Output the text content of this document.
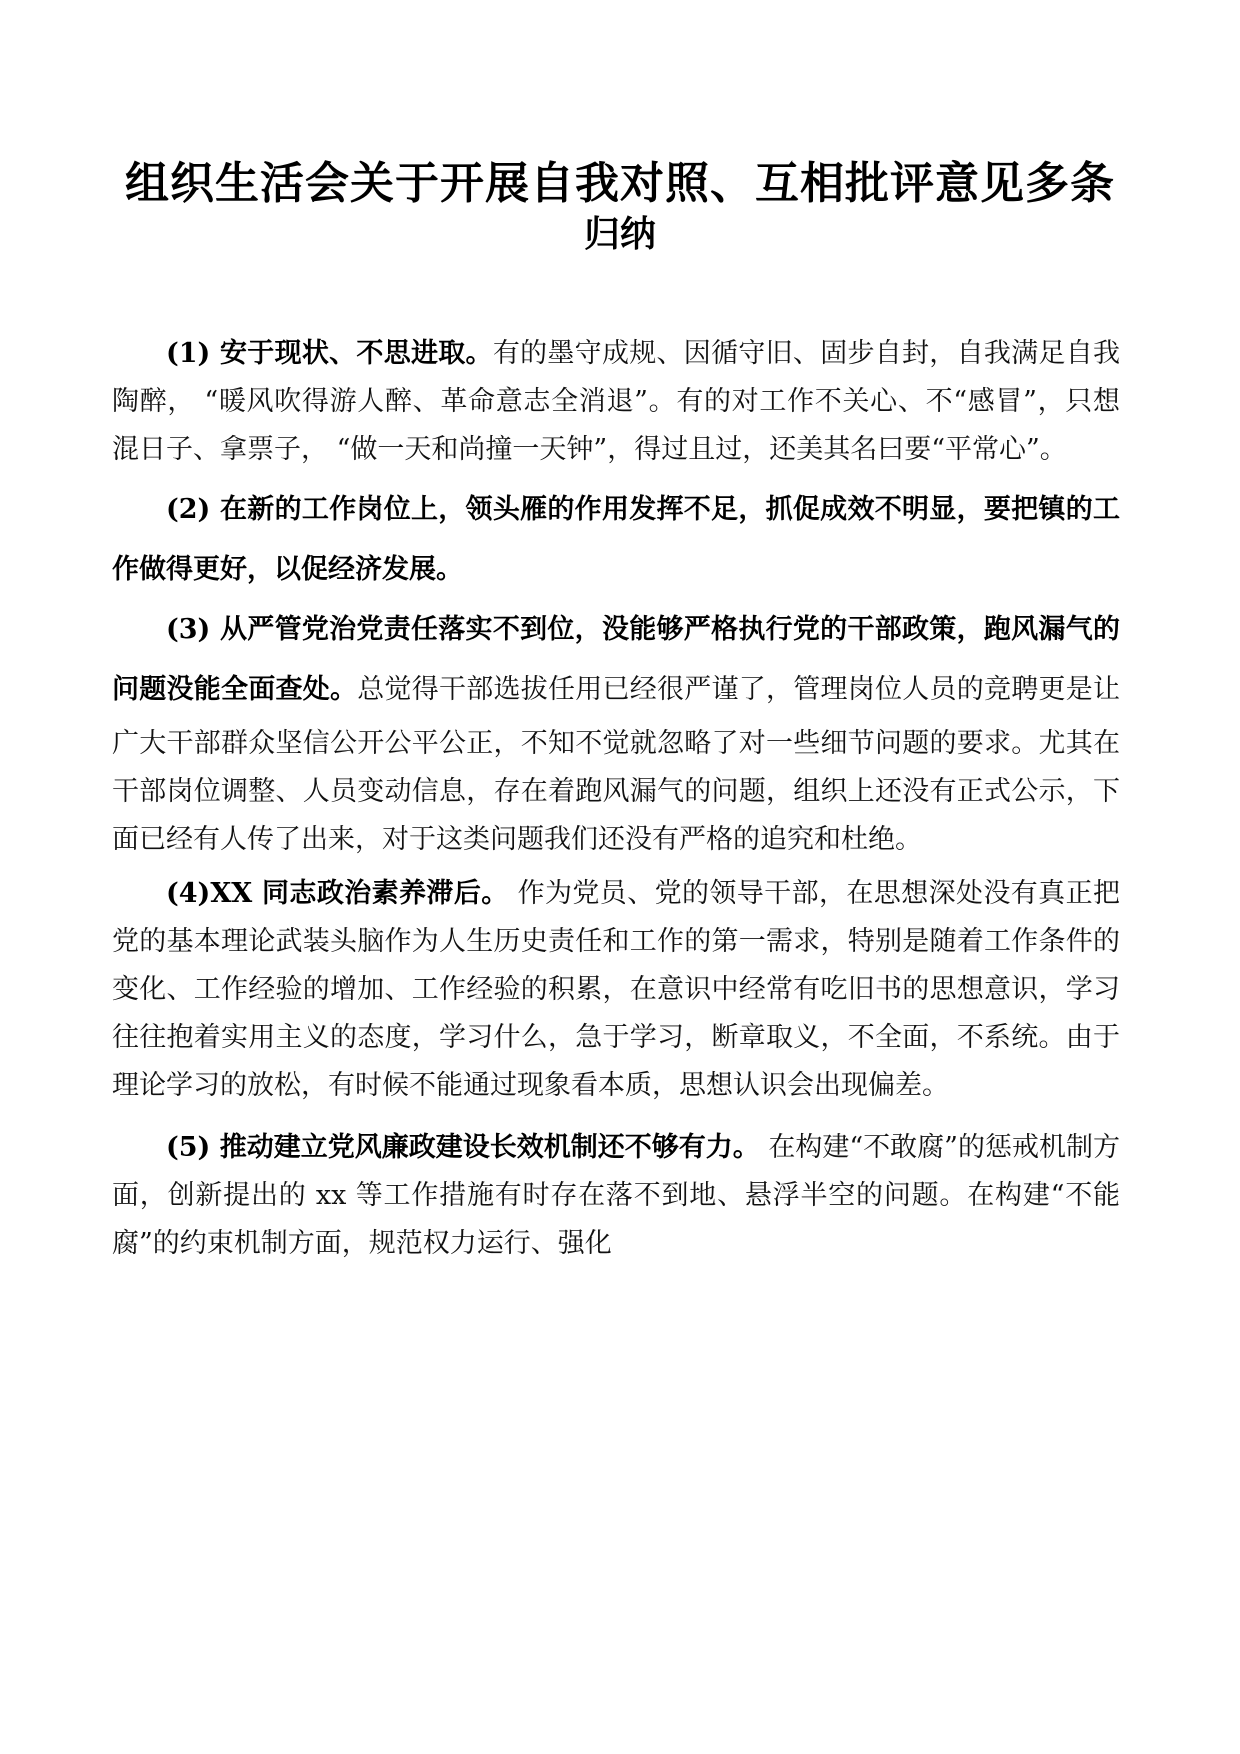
组织生活会关于开展自我对照、互相批评意见多条
归纳

(1) 安于现状、不思进取。有的墨守成规、因循守旧、固步自封，自我满足自我陶醉， “暖风吹得游人醉、革命意志全消退”。有的对工作不关心、不“感冒”，只想混日子、拿票子， “做一天和尚撞一天钟”，得过且过，还美其名曰要“平常心”。

(2) 在新的工作岗位上，领头雁的作用发挥不足，抓促成效不明显，要把镇的工作做得更好，以促经济发展。

(3) 从严管党治党责任落实不到位，没能够严格执行党的干部政策，跑风漏气的问题没能全面查处。总觉得干部选拔任用已经很严谨了，管理岗位人员的竞聘更是让广大干部群众坚信公开公平公正，不知不觉就忽略了对一些细节问题的要求。尤其在干部岗位调整、人员变动信息，存在着跑风漏气的问题，组织上还没有正式公示，下面已经有人传了出来，对于这类问题我们还没有严格的追究和杜绝。

(4)XX 同志政治素养滞后。 作为党员、党的领导干部，在思想深处没有真正把党的基本理论武装头脑作为人生历史责任和工作的第一需求，特别是随着工作条件的变化、工作经验的增加、工作经验的积累，在意识中经常有吃旧书的思想意识，学习往往抱着实用主义的态度，学习什么，急于学习，断章取义，不全面，不系统。由于理论学习的放松，有时候不能通过现象看本质，思想认识会出现偏差。

(5) 推动建立党风廉政建设长效机制还不够有力。 在构建“不敢腐”的惩戒机制方面，创新提出的 xx 等工作措施有时存在落不到地、悬浮半空的问题。在构建“不能腐”的约束机制方面，规范权力运行、强化
